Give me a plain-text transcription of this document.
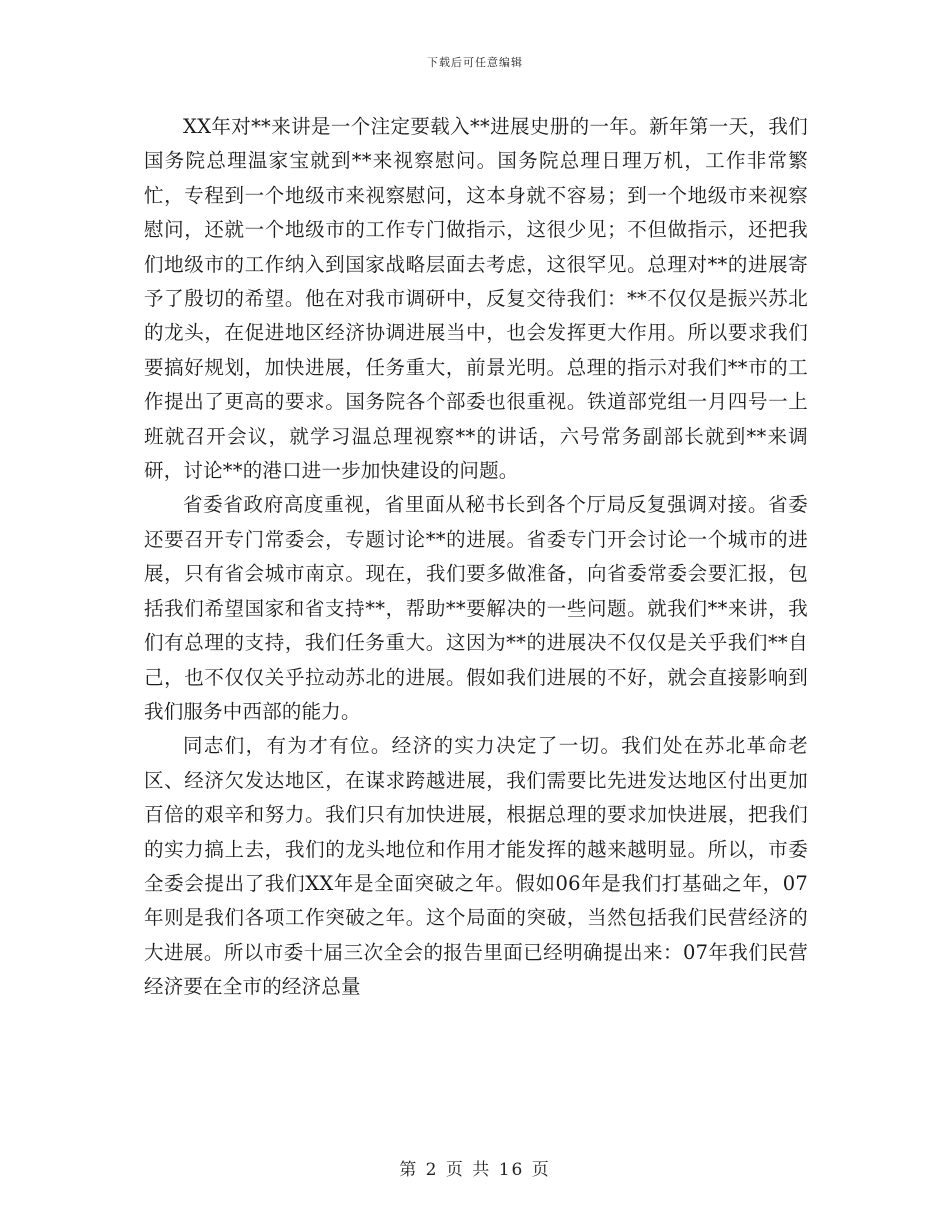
下载后可任意编辑

XX年对**来讲是一个注定要载入**进展史册的一年。新年第一天，我们国务院总理温家宝就到**来视察慰问。国务院总理日理万机，工作非常繁忙，专程到一个地级市来视察慰问，这本身就不容易；到一个地级市来视察慰问，还就一个地级市的工作专门做指示，这很少见；不但做指示，还把我们地级市的工作纳入到国家战略层面去考虑，这很罕见。总理对**的进展寄予了殷切的希望。他在对我市调研中，反复交待我们：**不仅仅是振兴苏北的龙头，在促进地区经济协调进展当中，也会发挥更大作用。所以要求我们要搞好规划，加快进展，任务重大，前景光明。总理的指示对我们**市的工作提出了更高的要求。国务院各个部委也很重视。铁道部党组一月四号一上班就召开会议，就学习温总理视察**的讲话，六号常务副部长就到**来调研，讨论**的港口进一步加快建设的问题。

省委省政府高度重视，省里面从秘书长到各个厅局反复强调对接。省委还要召开专门常委会，专题讨论**的进展。省委专门开会讨论一个城市的进展，只有省会城市南京。现在，我们要多做准备，向省委常委会要汇报，包括我们希望国家和省支持**，帮助**要解决的一些问题。就我们**来讲，我们有总理的支持，我们任务重大。这因为**的进展决不仅仅是关乎我们**自己，也不仅仅关乎拉动苏北的进展。假如我们进展的不好，就会直接影响到我们服务中西部的能力。

同志们，有为才有位。经济的实力决定了一切。我们处在苏北革命老区、经济欠发达地区，在谋求跨越进展，我们需要比先进发达地区付出更加百倍的艰辛和努力。我们只有加快进展，根据总理的要求加快进展，把我们的实力搞上去，我们的龙头地位和作用才能发挥的越来越明显。所以，市委全委会提出了我们XX年是全面突破之年。假如06年是我们打基础之年，07年则是我们各项工作突破之年。这个局面的突破，当然包括我们民营经济的大进展。所以市委十届三次全会的报告里面已经明确提出来：07年我们民营经济要在全市的经济总量

第 2 页 共 16 页
